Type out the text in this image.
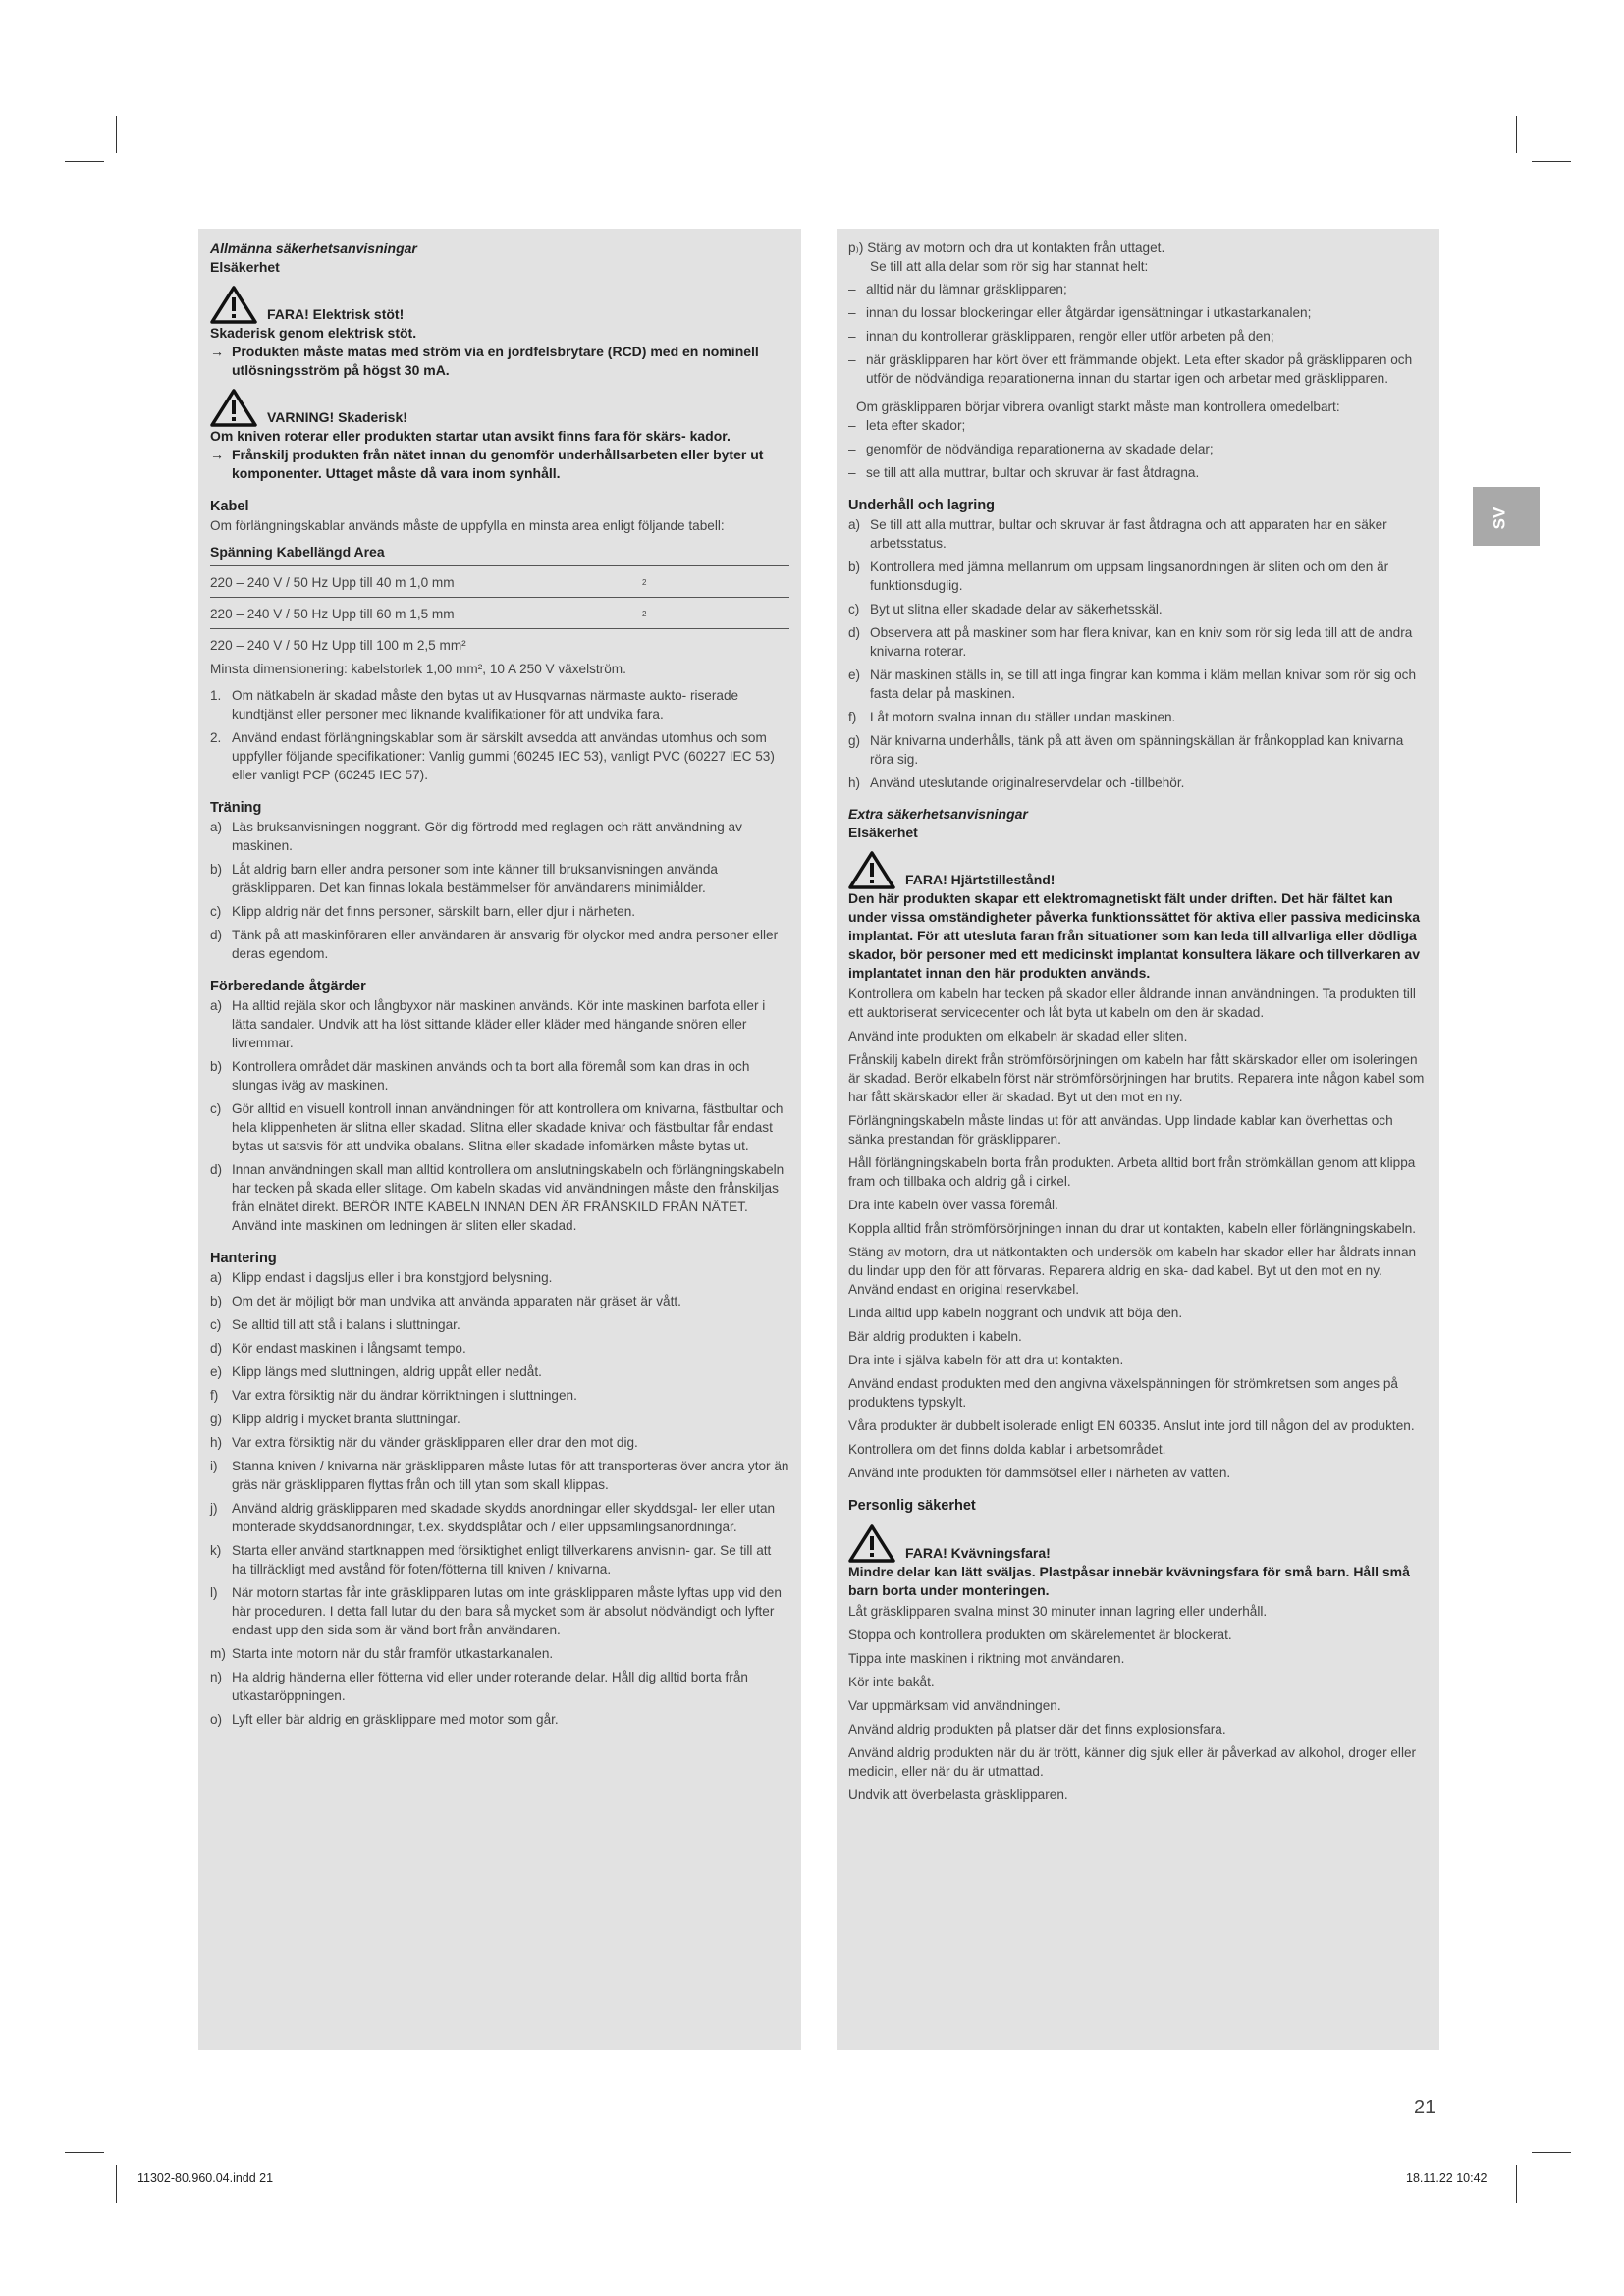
Allmänna säkerhetsanvisningar

Elsäkerhet

FARA! Elektrisk stöt!

Skaderisk genom elektrisk stöt.

→ Produkten måste matas med ström via en jordfelsbrytare (RCD) med en nominell utlösningsström på högst 30 mA.
VARNING! Skaderisk!

Om kniven roterar eller produkten startar utan avsikt finns fara för skärs- kador.

→ Frånskilj produkten från nätet innan du genomför underhållsarbeten eller byter ut komponenter. Uttaget måste då vara inom synhåll.

Kabel

Om förlängningskablar används måste de uppfylla en minsta area enligt följande tabell:

Spänning Kabellängd Area

220 – 240 V / 50 Hz Upp till 40 m 1,0 mm	2
220 – 240 V / 50 Hz Upp till 60 m 1,5 mm	2
220 – 240 V / 50 Hz Upp till 100 m 2,5 mm²

Minsta dimensionering: kabelstorlek 1,00 mm², 10 A 250 V växelström.

1. Om nätkabeln är skadad måste den bytas ut av Husqvarnas närmaste aukto- riserade kundtjänst eller personer med liknande kvalifikationer för att undvika fara.
2. Använd endast förlängningskablar som är särskilt avsedda att användas utomhus och som uppfyller följande specifikationer: Vanlig gummi (60245 IEC 53), vanligt PVC (60227 IEC 53) eller vanligt PCP (60245 IEC 57).

Träning

a) Läs bruksanvisningen noggrant. Gör dig förtrodd med reglagen och rätt användning av maskinen.
b) Låt aldrig barn eller andra personer som inte känner till bruksanvisningen använda gräsklipparen. Det kan finnas lokala bestämmelser för användarens minimiålder.
c) Klipp aldrig när det finns personer, särskilt barn, eller djur i närheten.
d) Tänk på att maskinföraren eller användaren är ansvarig för olyckor med andra personer eller deras egendom.

Förberedande åtgärder

a) Ha alltid rejäla skor och långbyxor när maskinen används. Kör inte maskinen barfota eller i lätta sandaler. Undvik att ha löst sittande kläder eller kläder med hängande snören eller livremmar.
b) Kontrollera området där maskinen används och ta bort alla föremål som kan dras in och slungas iväg av maskinen.
c) Gör alltid en visuell kontroll innan användningen för att kontrollera om knivarna, fästbultar och hela klippenheten är slitna eller skadad. Slitna eller skadade knivar och fästbultar får endast bytas ut satsvis för att undvika obalans. Slitna eller skadade infomärken måste bytas ut.
d) Innan användningen skall man alltid kontrollera om anslutningskabeln och förlängningskabeln har tecken på skada eller slitage. Om kabeln skadas vid användningen måste den frånskiljas från elnätet direkt. BERÖR INTE KABELN INNAN DEN ÄR FRÅNSKILD FRÅN NÄTET. Använd inte maskinen om ledningen är sliten eller skadad.

Hantering

a) Klipp endast i dagsljus eller i bra konstgjord belysning.
b) Om det är möjligt bör man undvika att använda apparaten när gräset är vått.
c) Se alltid till att stå i balans i sluttningar.
d) Kör endast maskinen i långsamt tempo.
e) Klipp längs med sluttningen, aldrig uppåt eller nedåt.
f)	Var extra försiktig när du ändrar körriktningen i sluttningen.
g) Klipp aldrig i mycket branta sluttningar.
h) Var extra försiktig när du vänder gräsklipparen eller drar den mot dig.
i)	Stanna kniven / knivarna när gräsklipparen måste lutas för att transporteras över andra ytor än gräs när gräsklipparen flyttas från och till ytan som skall klippas.
j)	Använd aldrig gräsklipparen med skadade skydds anordningar eller skyddsgal- ler eller utan monterade skyddsanordningar, t.ex. skyddsplåtar och / eller uppsamlingsanordningar.
k) Starta eller använd startknappen med försiktighet enligt tillverkarens anvisnin- gar. Se till att ha tillräckligt med avstånd för foten/fötterna till kniven / knivarna.
l)	När motorn startas får inte gräsklipparen lutas om inte gräsklipparen måste lyftas upp vid den här proceduren. I detta fall lutar du den bara så mycket som är absolut nödvändigt och lyfter endast upp den sida som är vänd bort från användaren.
m) Starta inte motorn när du står framför utkastarkanalen.
n) Ha aldrig händerna eller fötterna vid eller under roterande delar. Håll dig alltid borta från utkastaröppningen.
o) Lyft eller bär aldrig en gräsklippare med motor som går.

p₎) Stäng av motorn och dra ut kontakten från uttaget.

Se till att alla delar som rör sig har stannat helt:

– alltid när du lämnar gräsklipparen;
– innan du lossar blockeringar eller åtgärdar igensättningar i utkastarkanalen;
– innan du kontrollerar gräsklipparen, rengör eller utför arbeten på den;
– när gräsklipparen har kört över ett främmande objekt. Leta efter skador på gräsklipparen och utför de nödvändiga reparationerna innan du startar igen och arbetar med gräsklipparen.

Om gräsklipparen börjar vibrera ovanligt starkt måste man kontrollera omedelbart:

– leta efter skador;
– genomför de nödvändiga reparationerna av skadade delar;
– se till att alla muttrar, bultar och skruvar är fast åtdragna.

Underhåll och lagring

a) Se till att alla muttrar, bultar och skruvar är fast åtdragna och att apparaten har en säker arbetsstatus.
b) Kontrollera med jämna mellanrum om uppsam lingsanordningen är sliten och om den är funktionsduglig.
c) Byt ut slitna eller skadade delar av säkerhetsskäl.
d) Observera att på maskiner som har flera knivar, kan en kniv som rör sig leda till att de andra knivarna roterar.
e) När maskinen ställs in, se till att inga fingrar kan komma i kläm mellan knivar som rör sig och fasta delar på maskinen.
f)	Låt motorn svalna innan du ställer undan maskinen.
g) När knivarna underhålls, tänk på att även om spänningskällan är frånkopplad kan knivarna röra sig.
h) Använd uteslutande originalreservdelar och -tillbehör.

Extra säkerhetsanvisningar

Elsäkerhet

FARA! Hjärtstillestånd!

Den här produkten skapar ett elektromagnetiskt fält under driften. Det här fältet kan under vissa omständigheter påverka funktionssättet för aktiva eller passiva medicinska implantat. För att utesluta faran från situationer som kan leda till allvarliga eller dödliga skador, bör personer med ett medicinskt implantat konsultera läkare och tillverkaren av implantatet innan den här produkten används.

Kontrollera om kabeln har tecken på skador eller åldrande innan användningen. Ta produkten till ett auktoriserat servicecenter och låt byta ut kabeln om den är skadad.

Använd inte produkten om elkabeln är skadad eller sliten.

Frånskilj kabeln direkt från strömförsörjningen om kabeln har fått skärskador eller om isoleringen är skadad. Berör elkabeln först när strömförsörjningen har brutits. Reparera inte någon kabel som har fått skärskador eller är skadad. Byt ut den mot en ny.

Förlängningskabeln måste lindas ut för att användas. Upp lindade kablar kan överhettas och sänka prestandan för gräsklipparen.

Håll förlängningskabeln borta från produkten. Arbeta alltid bort från strömkällan genom att klippa fram och tillbaka och aldrig gå i cirkel.

Dra inte kabeln över vassa föremål.

Koppla alltid från strömförsörjningen innan du drar ut kontakten, kabeln eller förlängningskabeln.

Stäng av motorn, dra ut nätkontakten och undersök om kabeln har skador eller har åldrats innan du lindar upp den för att förvaras. Reparera aldrig en ska- dad kabel. Byt ut den mot en ny. Använd endast en original reservkabel.

Linda alltid upp kabeln noggrant och undvik att böja den.

Bär aldrig produkten i kabeln.

Dra inte i själva kabeln för att dra ut kontakten.

Använd endast produkten med den angivna växelspänningen för strömkretsen som anges på produktens typskylt.

Våra produkter är dubbelt isolerade enligt EN 60335. Anslut inte jord till någon del av produkten.

Kontrollera om det finns dolda kablar i arbetsområdet.

Använd inte produkten för dammsötsel eller i närheten av vatten.

Personlig säkerhet

FARA! Kvävningsfara!

Mindre delar kan lätt sväljas. Plastpåsar innebär kvävningsfara för små barn. Håll små barn borta under monteringen.

Låt gräsklipparen svalna minst 30 minuter innan lagring eller underhåll.

Stoppa och kontrollera produkten om skärelementet är blockerat.

Tippa inte maskinen i riktning mot användaren.

Kör inte bakåt.

Var uppmärksam vid användningen.

Använd aldrig produkten på platser där det finns explosionsfara.

Använd aldrig produkten när du är trött, känner dig sjuk eller är påverkad av alkohol, droger eller medicin, eller när du är utmattad.

Undvik att överbelasta gräsklipparen.

SV
21
11302-80.960.04.indd 21	18.11.22 10:42
